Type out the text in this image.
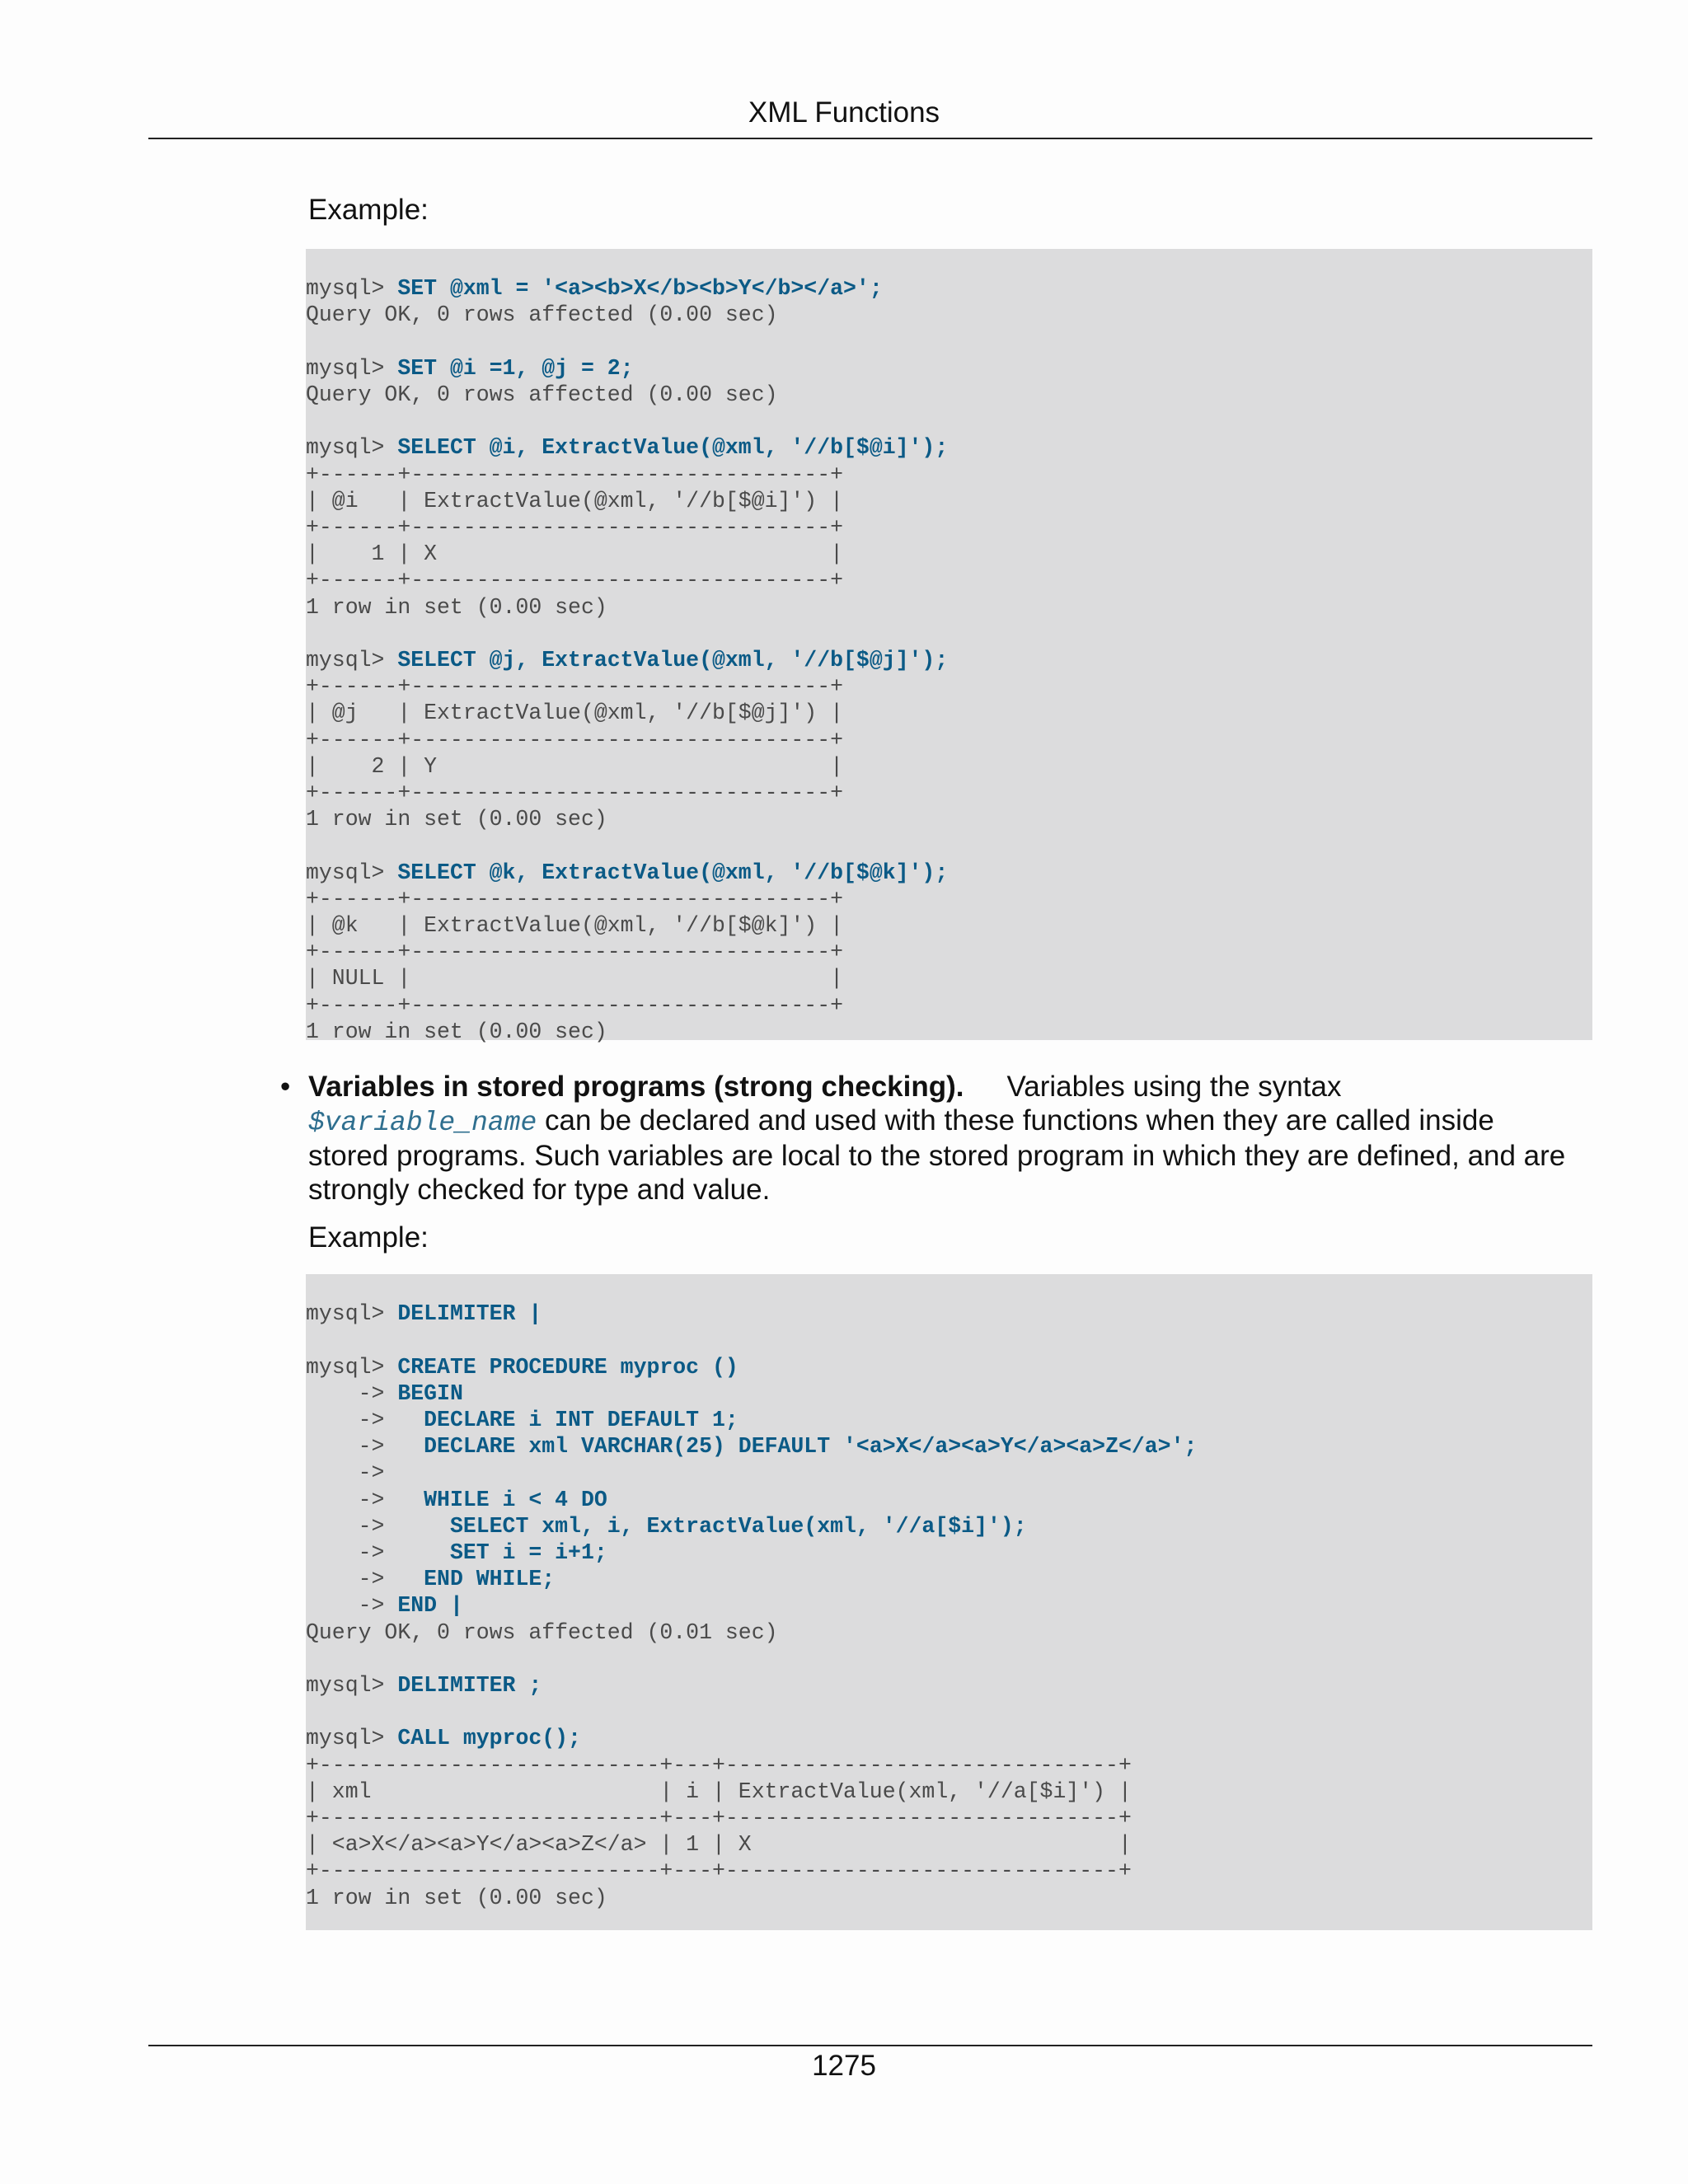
XML Functions
Example:

mysql> SET @xml = '<a><b>X</b><b>Y</b></a>';
Query OK, 0 rows affected (0.00 sec)

mysql> SET @i =1, @j = 2;
Query OK, 0 rows affected (0.00 sec)

mysql> SELECT @i, ExtractValue(@xml, '//b[$@i]');
+------+--------------------------------+
| @i   | ExtractValue(@xml, '//b[$@i]') |
+------+--------------------------------+
|    1 | X                              |
+------+--------------------------------+
1 row in set (0.00 sec)

mysql> SELECT @j, ExtractValue(@xml, '//b[$@j]');
+------+--------------------------------+
| @j   | ExtractValue(@xml, '//b[$@j]') |
+------+--------------------------------+
|    2 | Y                              |
+------+--------------------------------+
1 row in set (0.00 sec)

mysql> SELECT @k, ExtractValue(@xml, '//b[$@k]');
+------+--------------------------------+
| @k   | ExtractValue(@xml, '//b[$@k]') |
+------+--------------------------------+
| NULL |                                |
+------+--------------------------------+
1 row in set (0.00 sec)
• Variables in stored programs (strong checking). Variables using the syntax $variable_name can be declared and used with these functions when they are called inside stored programs. Such variables are local to the stored program in which they are defined, and are strongly checked for type and value.
Example:

mysql> DELIMITER |

mysql> CREATE PROCEDURE myproc ()
-> BEGIN
->   DECLARE i INT DEFAULT 1;
->   DECLARE xml VARCHAR(25) DEFAULT '<a>X</a><a>Y</a><a>Z</a>';
->
->   WHILE i < 4 DO
->     SELECT xml, i, ExtractValue(xml, '//a[$i]');
->     SET i = i+1;
->   END WHILE;
-> END |
Query OK, 0 rows affected (0.01 sec)

mysql> DELIMITER ;

mysql> CALL myproc();
+--------------------------+---+------------------------------+
| xml                      | i | ExtractValue(xml, '//a[$i]') |
+--------------------------+---+------------------------------+
| <a>X</a><a>Y</a><a>Z</a> | 1 | X                            |
+--------------------------+---+------------------------------+
1 row in set (0.00 sec)

1275
